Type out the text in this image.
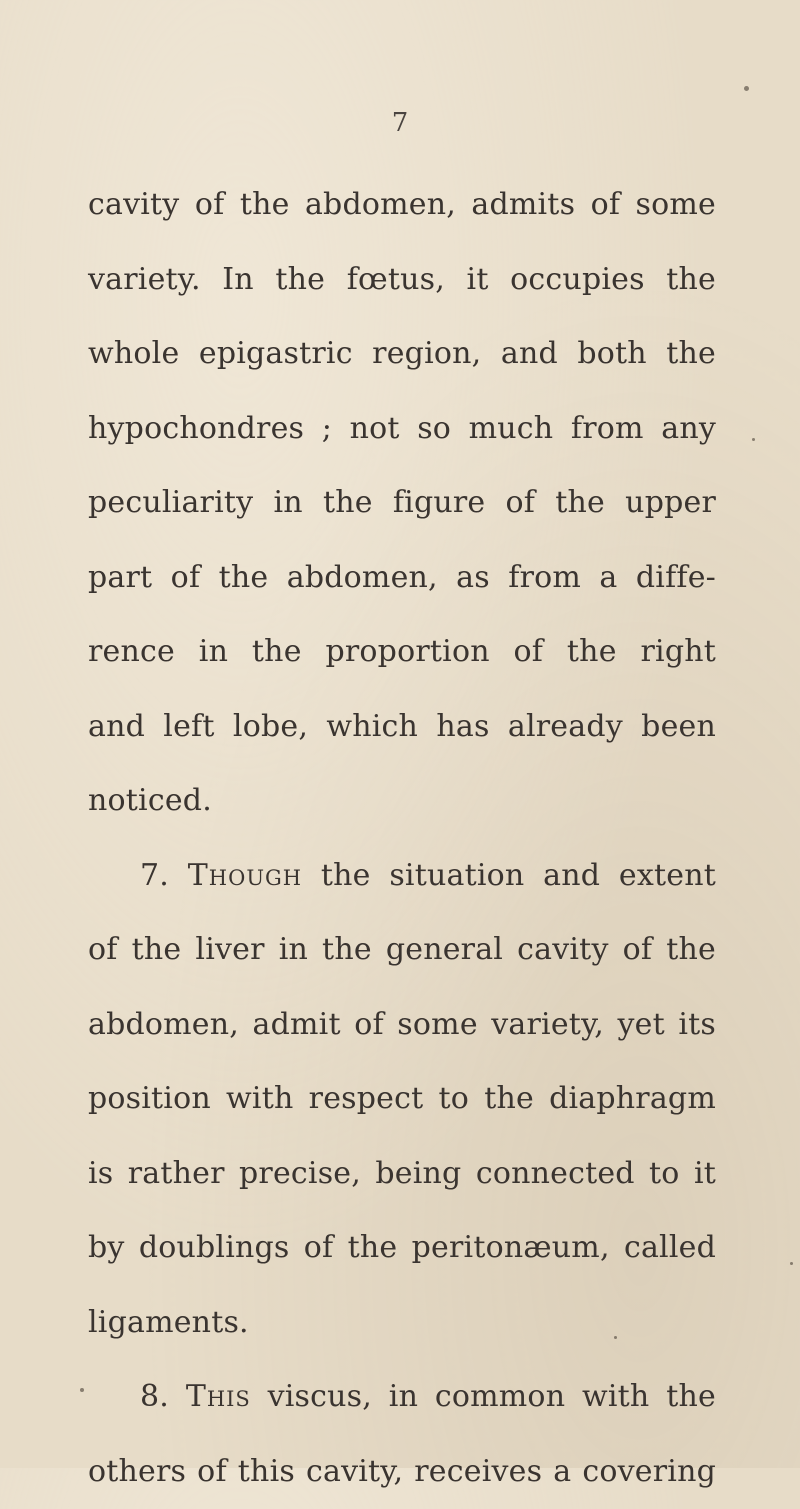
7
cavity of the abdomen, admits of some
variety. In the fœtus, it occupies the
whole epigastric region, and both the
hypochondres ; not so much from any
peculiarity in the figure of the upper
part of the abdomen, as from a diffe-
rence in the proportion of the right
and left lobe, which has already been
noticed.
7. Though the situation and extent
of the liver in the general cavity of the
abdomen, admit of some variety, yet its
position with respect to the diaphragm
is rather precise, being connected to it
by doublings of the peritonæum, called
ligaments.
8. This viscus, in common with the
others of this cavity, receives a covering
